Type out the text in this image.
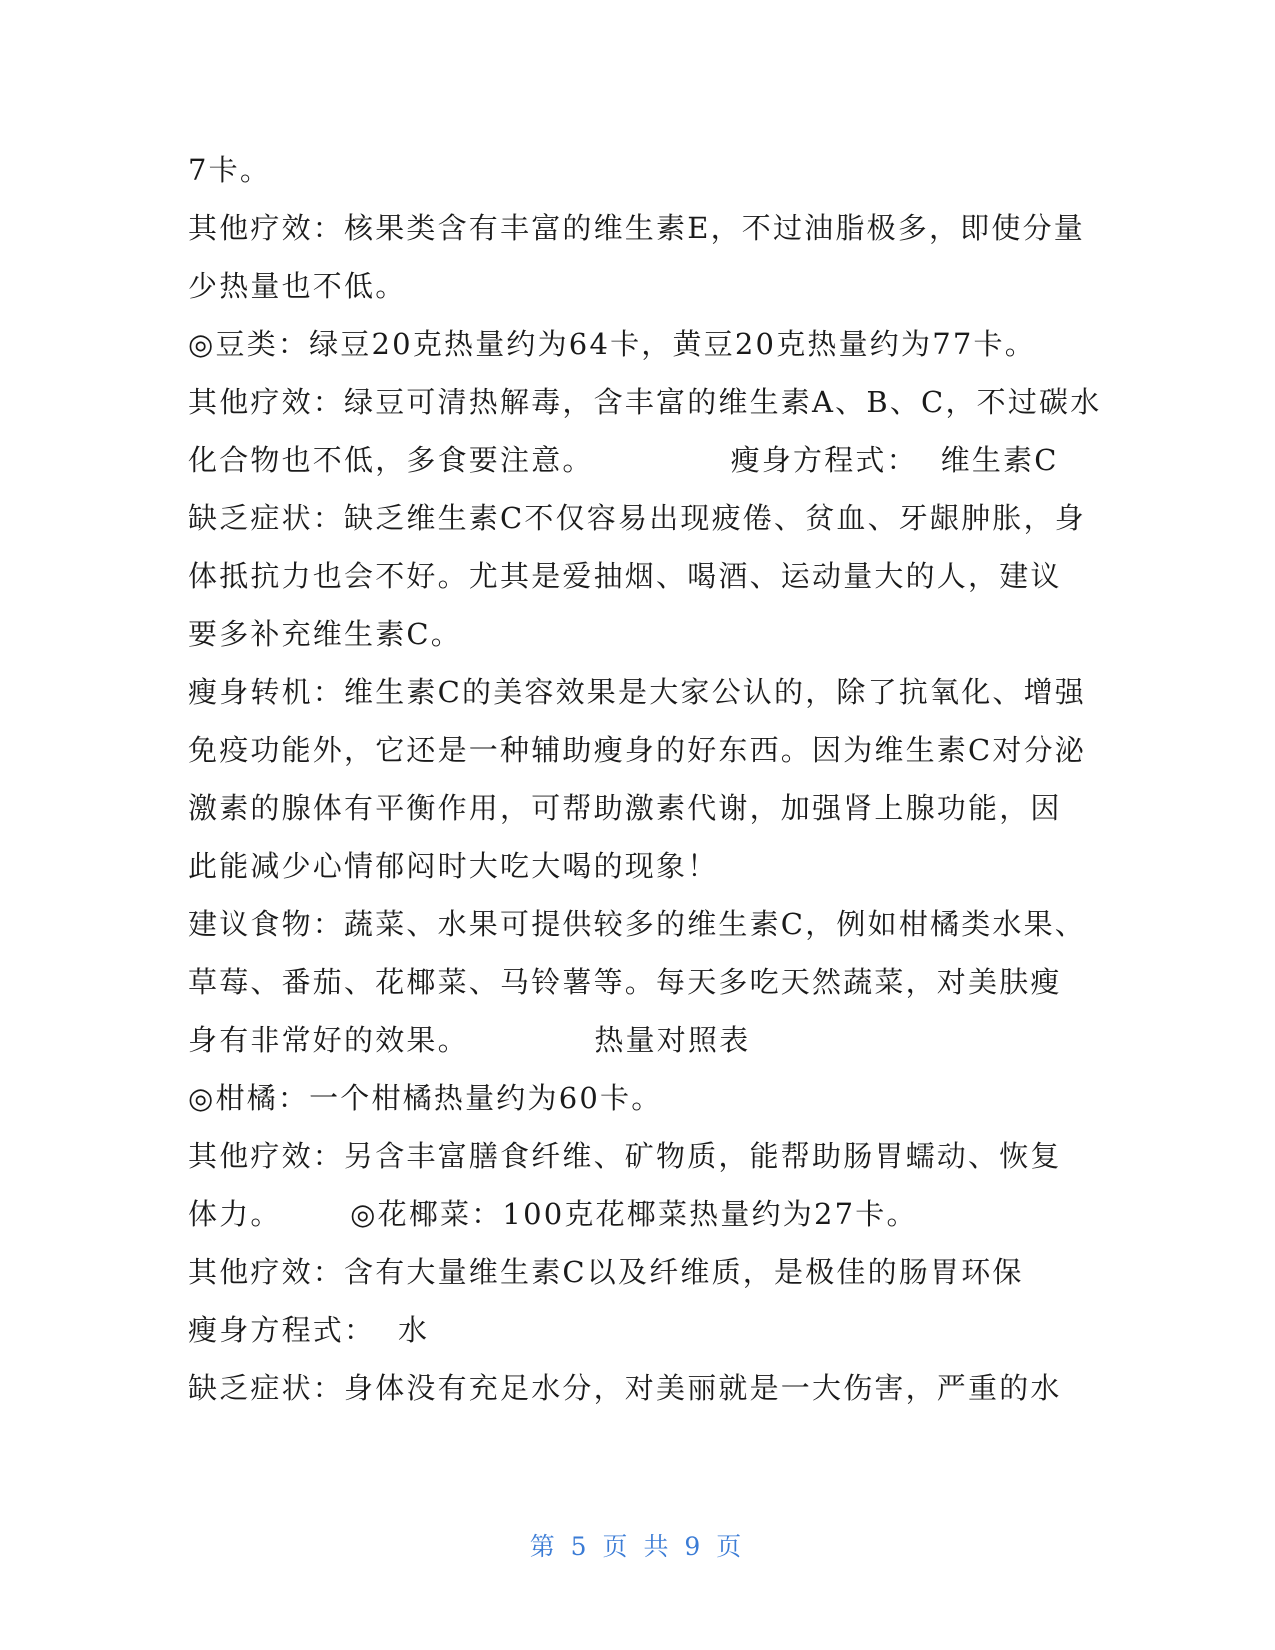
7卡。
其他疗效：核果类含有丰富的维生素E，不过油脂极多，即使分量
少热量也不低。
◎豆类：绿豆20克热量约为64卡，黄豆20克热量约为77卡。
其他疗效：绿豆可清热解毒，含丰富的维生素A、B、C，不过碳水
化合物也不低，多食要注意。            瘦身方程式：  维生素C
缺乏症状：缺乏维生素C不仅容易出现疲倦、贫血、牙龈肿胀，身
体抵抗力也会不好。尤其是爱抽烟、喝酒、运动量大的人，建议
要多补充维生素C。
瘦身转机：维生素C的美容效果是大家公认的，除了抗氧化、增强
免疫功能外，它还是一种辅助瘦身的好东西。因为维生素C对分泌
激素的腺体有平衡作用，可帮助激素代谢，加强肾上腺功能，因
此能减少心情郁闷时大吃大喝的现象！
建议食物：蔬菜、水果可提供较多的维生素C，例如柑橘类水果、
草莓、番茄、花椰菜、马铃薯等。每天多吃天然蔬菜，对美肤瘦
身有非常好的效果。           热量对照表
◎柑橘：一个柑橘热量约为60卡。
其他疗效：另含丰富膳食纤维、矿物质，能帮助肠胃蠕动、恢复
体力。      ◎花椰菜：100克花椰菜热量约为27卡。
其他疗效：含有大量维生素C以及纤维质，是极佳的肠胃环保
瘦身方程式：  水
缺乏症状：身体没有充足水分，对美丽就是一大伤害，严重的水
第 5 页 共 9 页
